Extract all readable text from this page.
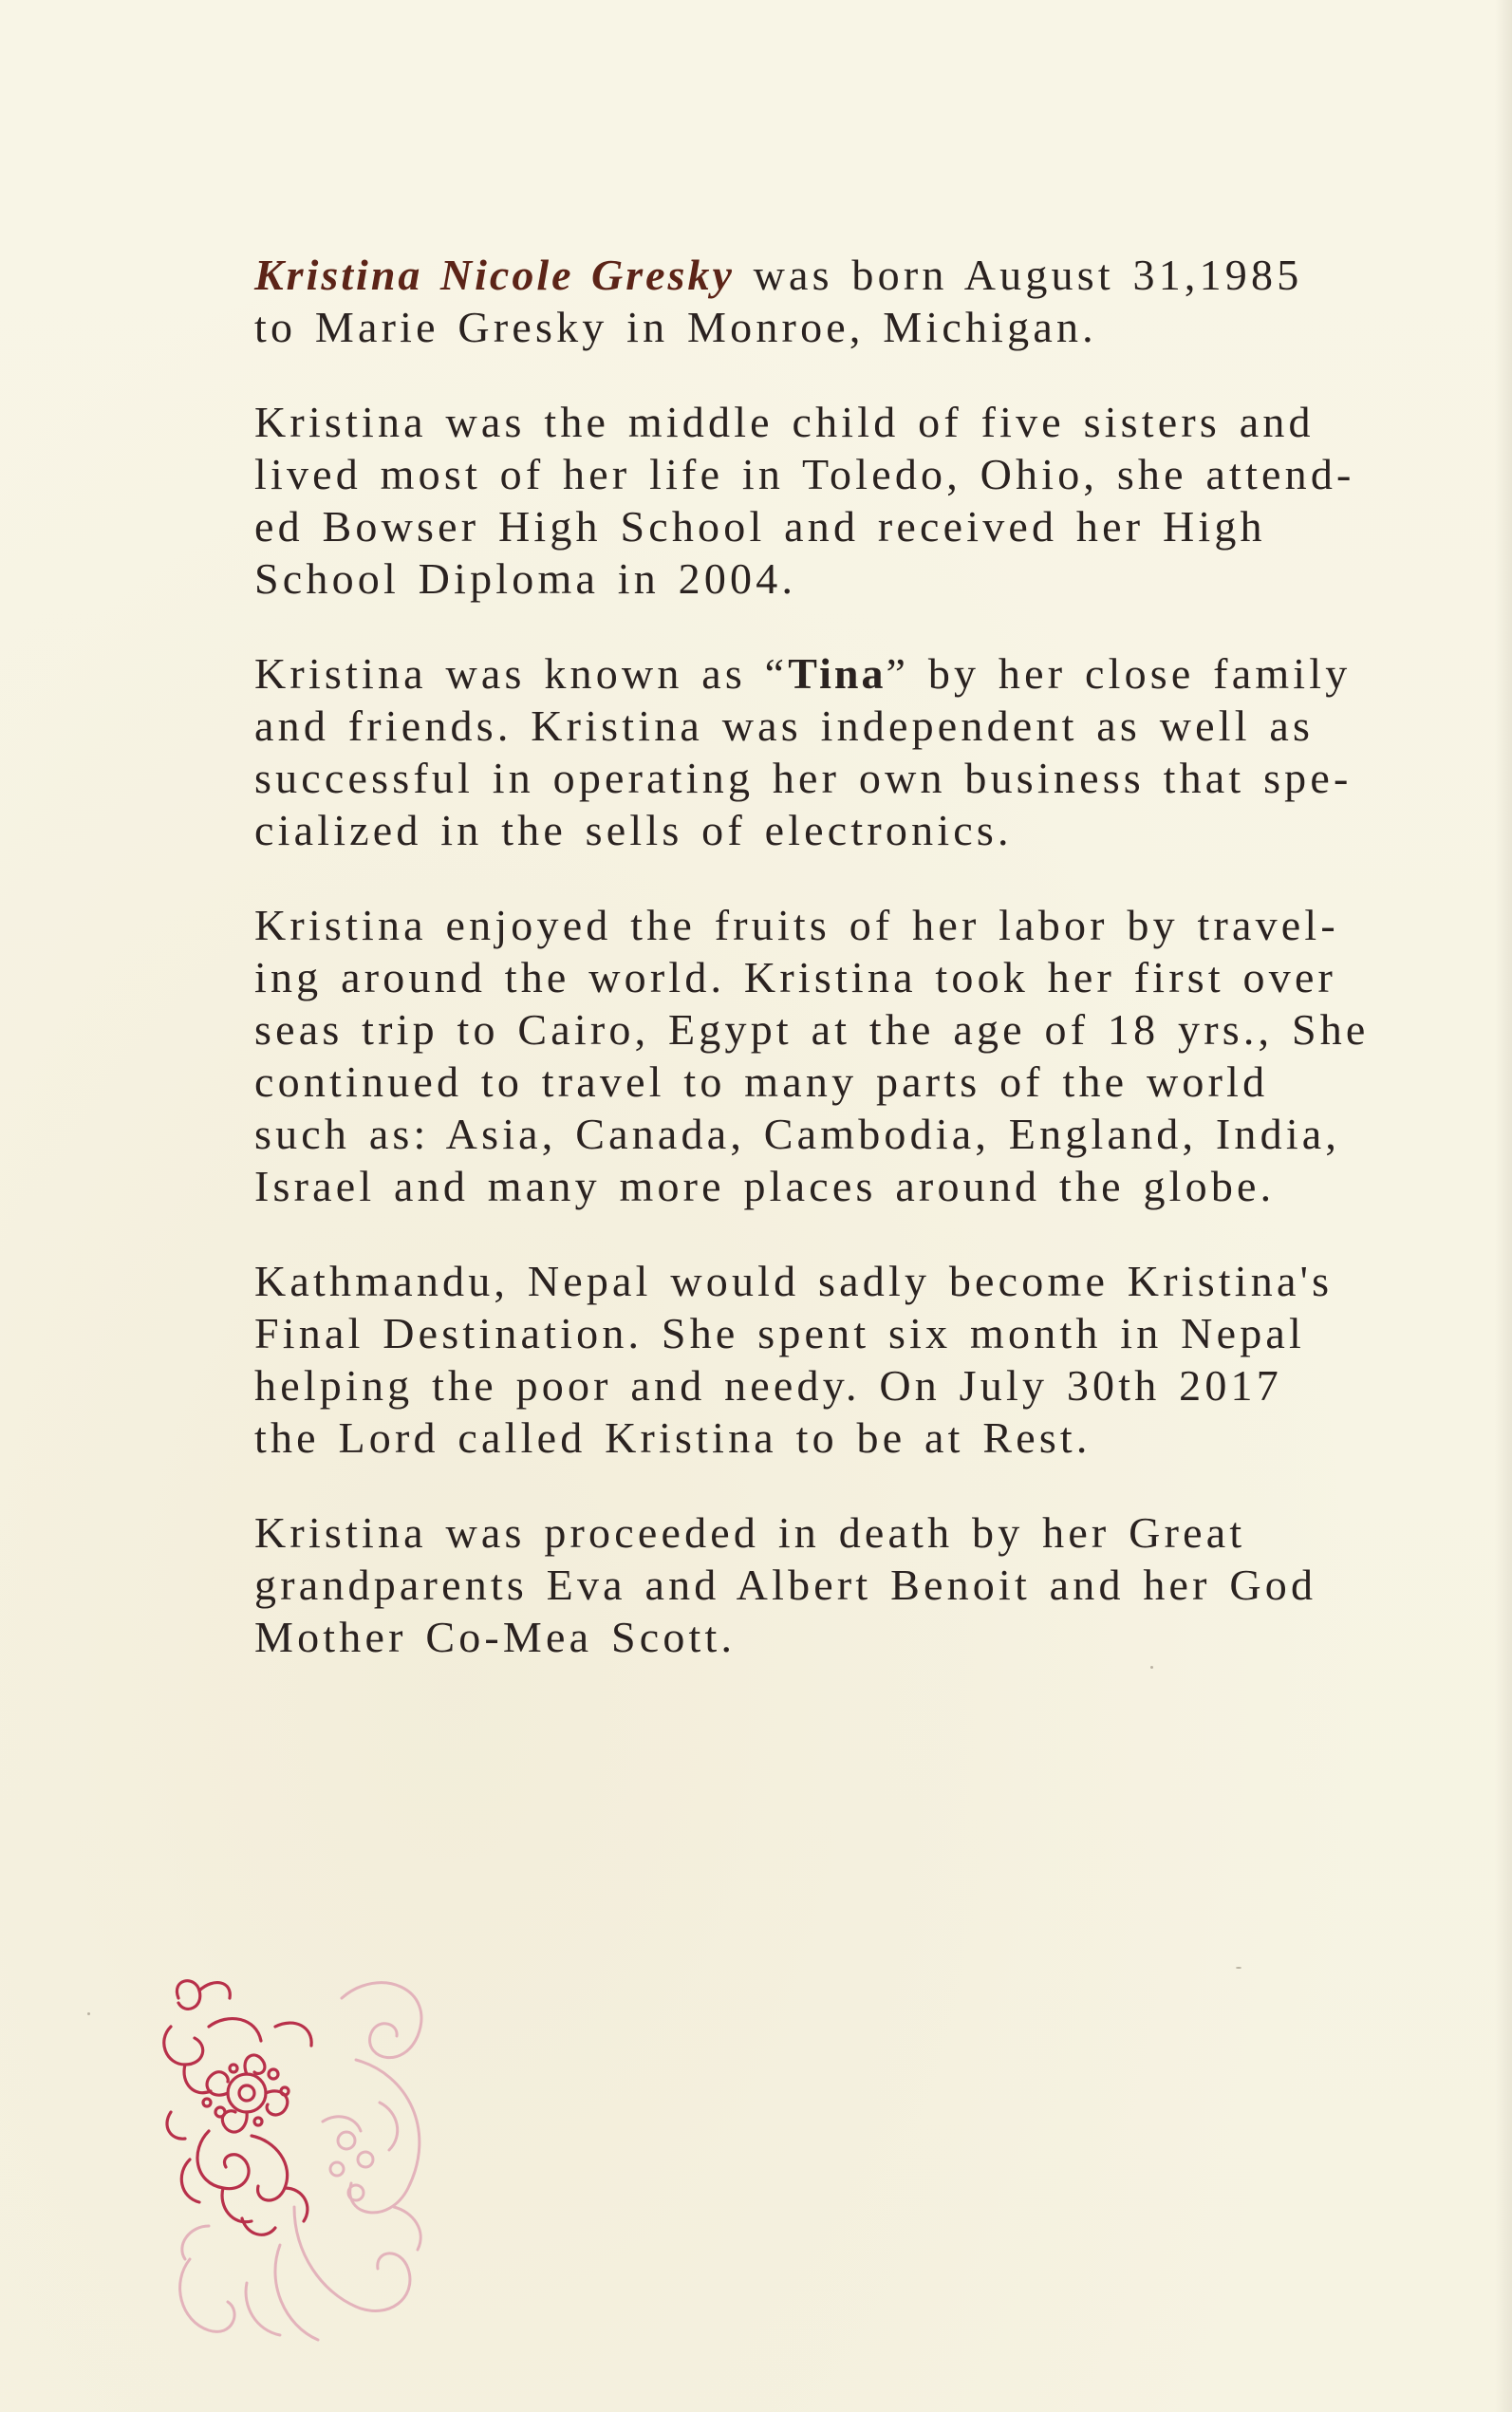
Kristina Nicole Gresky was born August 31,1985
to Marie Gresky in Monroe, Michigan.

Kristina was the middle child of five sisters and
lived most of her life in Toledo, Ohio, she attend-
ed Bowser High School and received her High
School Diploma in 2004.

Kristina was known as “Tina” by her close family
and friends. Kristina was independent as well as
successful in operating her own business that spe-
cialized in the sells of electronics.

Kristina enjoyed the fruits of her labor by travel-
ing around the world. Kristina took her first over
seas trip to Cairo, Egypt at the age of 18 yrs., She
continued to travel to many parts of the world
such as: Asia, Canada, Cambodia, England, India,
Israel and many more places around the globe.

Kathmandu, Nepal would sadly become Kristina's
Final Destination. She spent six month in Nepal
helping the poor and needy. On July 30th 2017
the Lord called Kristina to be at Rest.

Kristina was proceeded in death by her Great
grandparents Eva and Albert Benoit and her God
Mother Co-Mea Scott.
